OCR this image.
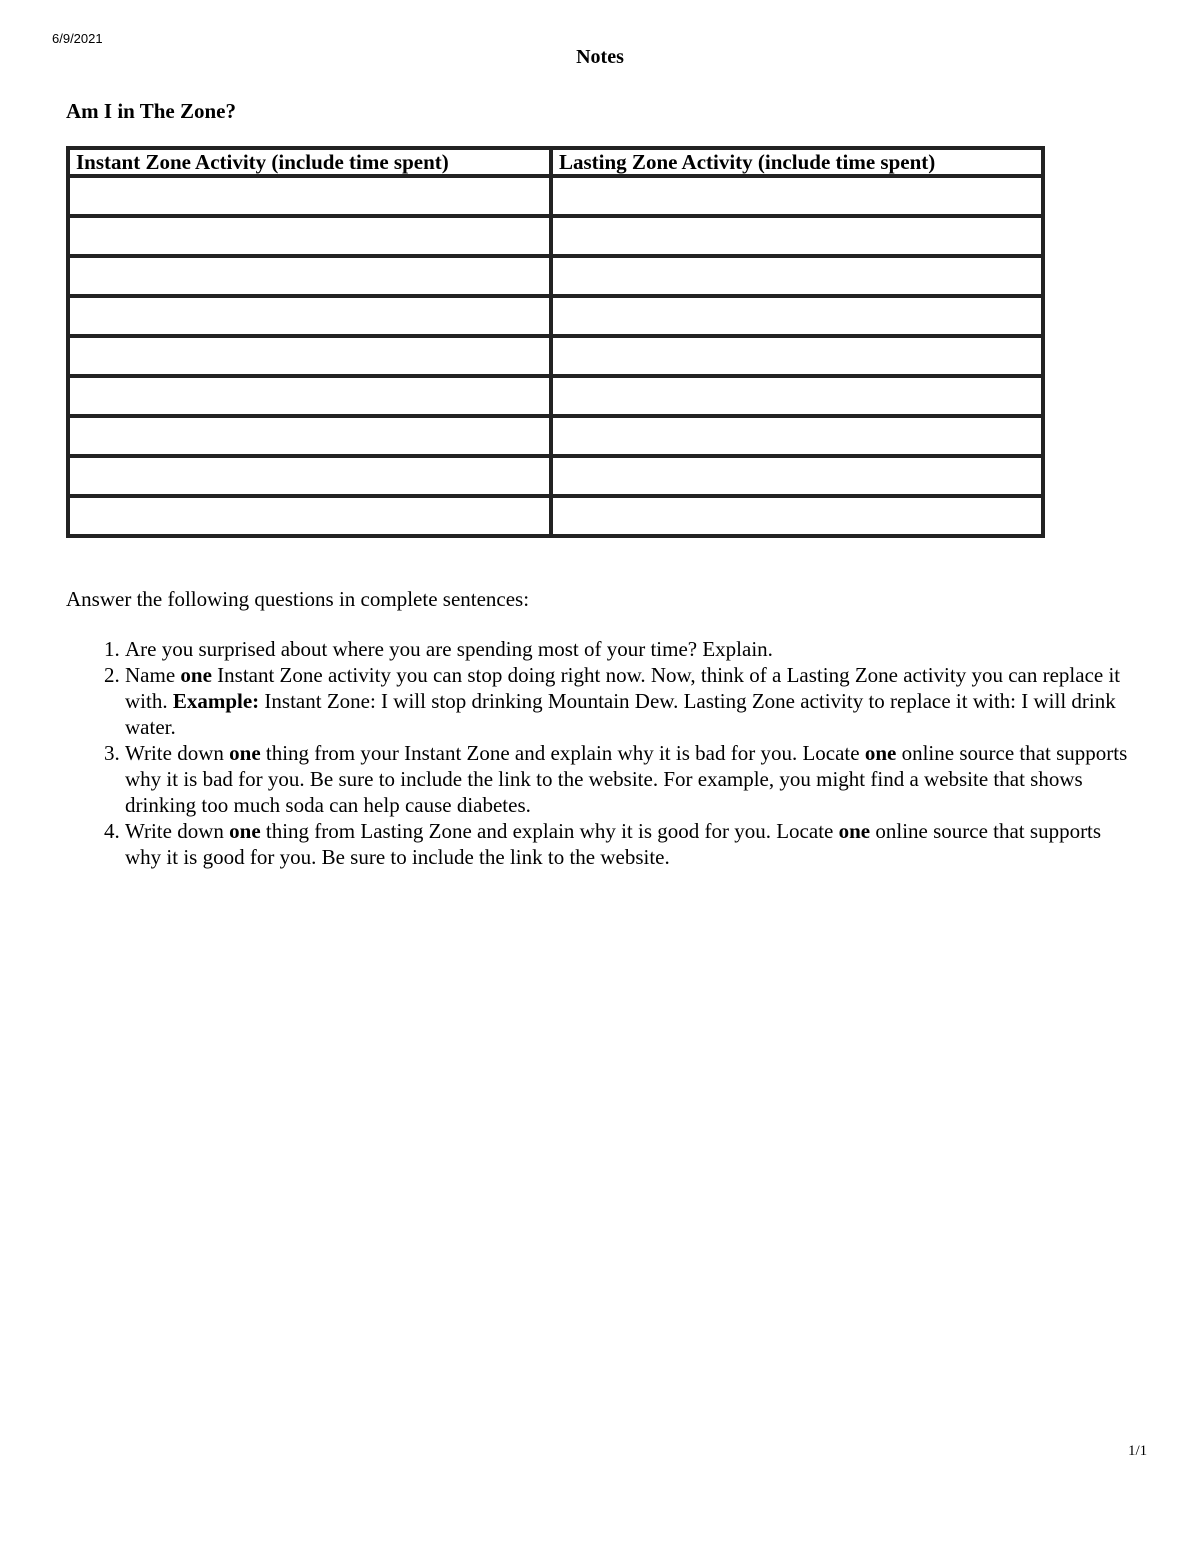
6/9/2021
Notes
Am I in The Zone?
Instant Zone Activity (include time spent)	Lasting Zone Activity (include time spent)

Answer the following questions in complete sentences:

1. Are you surprised about where you are spending most of your time? Explain.
2. Name one Instant Zone activity you can stop doing right now. Now, think of a Lasting Zone activity you can replace it with. Example: Instant Zone: I will stop drinking Mountain Dew. Lasting Zone activity to replace it with: I will drink water.
3. Write down one thing from your Instant Zone and explain why it is bad for you. Locate one online source that supports why it is bad for you. Be sure to include the link to the website. For example, you might find a website that shows drinking too much soda can help cause diabetes.
4. Write down one thing from Lasting Zone and explain why it is good for you. Locate one online source that supports why it is good for you. Be sure to include the link to the website.
1/1
